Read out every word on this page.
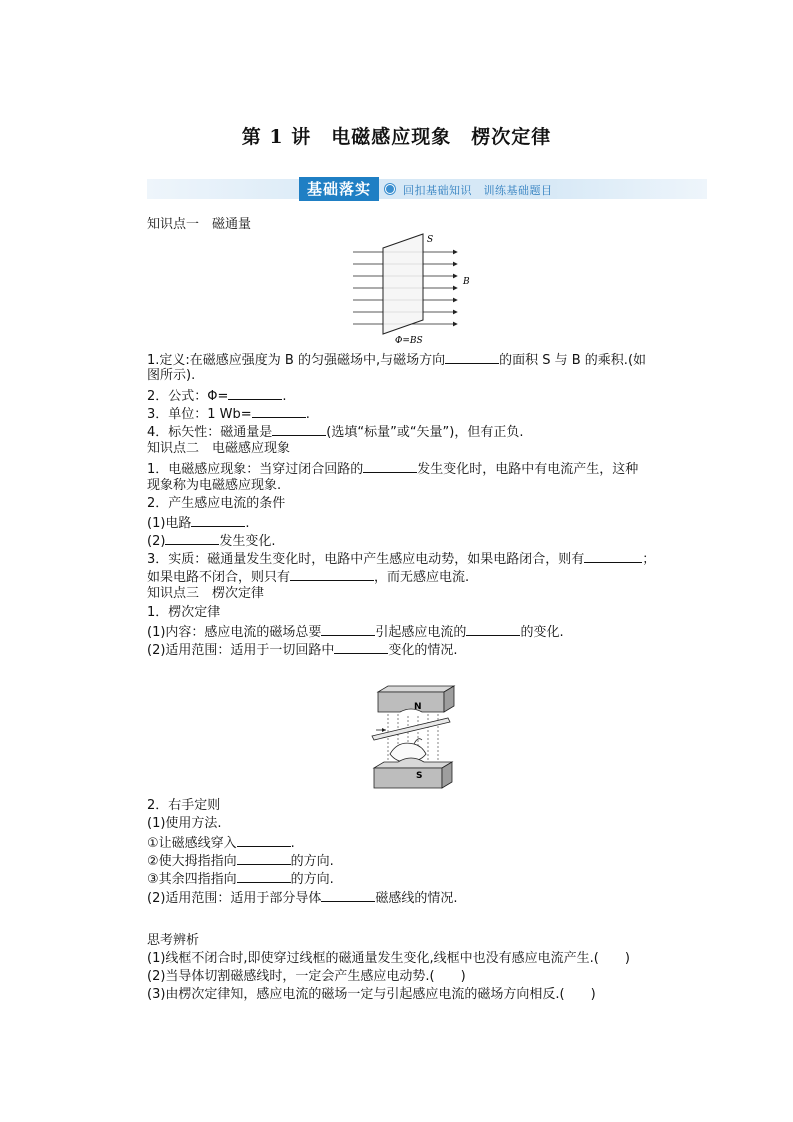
第 1 讲　电磁感应现象　楞次定律
基础落实	回扣基础知识　训练基础题目
知识点一　磁通量
S
B
Φ=BS
1.定义:在磁感应强度为 B 的匀强磁场中,与磁场方向	的面积 S 与 B 的乘积.(如
图所示).
2．公式：Φ=	.
3．单位：1 Wb=	.
4．标矢性：磁通量是	(选填“标量”或“矢量”)，但有正负.
知识点二　电磁感应现象
1．电磁感应现象：当穿过闭合回路的	发生变化时，电路中有电流产生，这种
现象称为电磁感应现象.
2．产生感应电流的条件
(1)电路	.
(2)	发生变化.
3．实质：磁通量发生变化时，电路中产生感应电动势，如果电路闭合，则有	；
如果电路不闭合，则只有	，而无感应电流.
知识点三　楞次定律
1．楞次定律
(1)内容：感应电流的磁场总要	引起感应电流的	的变化.
(2)适用范围：适用于一切回路中	变化的情况.
N
S
2．右手定则
(1)使用方法.
①让磁感线穿入	.
②使大拇指指向	的方向.
③其余四指指向	的方向.
(2)适用范围：适用于部分导体	磁感线的情况.
思考辨析
(1)线框不闭合时,即使穿过线框的磁通量发生变化,线框中也没有感应电流产生.(　　)
(2)当导体切割磁感线时，一定会产生感应电动势.(　　)
(3)由楞次定律知，感应电流的磁场一定与引起感应电流的磁场方向相反.(　　)
